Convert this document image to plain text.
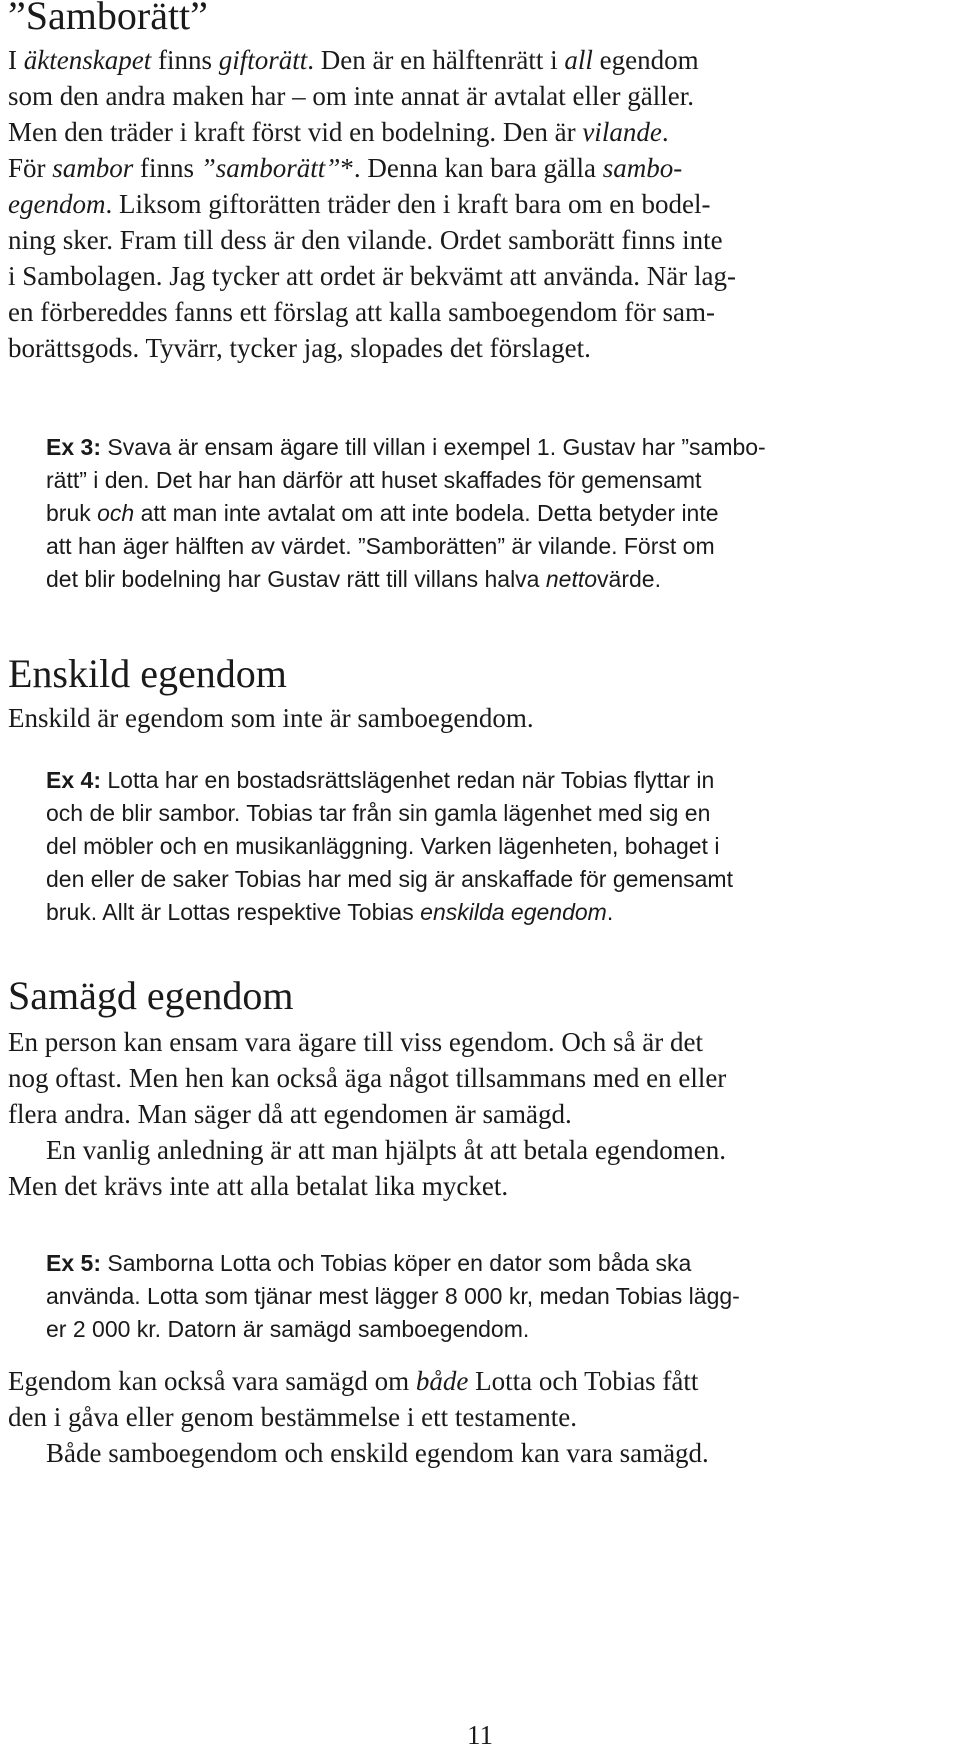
”Samborätt”
I äktenskapet finns giftorätt. Den är en hälftenrätt i all egendom
som den andra maken har – om inte annat är avtalat eller gäller.
Men den träder i kraft först vid en bodelning. Den är vilande.
För sambor finns ”samborätt”*. Denna kan bara gälla sambo-
egendom. Liksom giftorätten träder den i kraft bara om en bodel-
ning sker. Fram till dess är den vilande. Ordet samborätt finns inte
i Sambolagen. Jag tycker att ordet är bekvämt att använda. När lag-
en förbereddes fanns ett förslag att kalla samboegendom för sam-
borättsgods. Tyvärr, tycker jag, slopades det förslaget.
Ex 3: Svava är ensam ägare till villan i exempel 1. Gustav har ”sambo-
rätt” i den. Det har han därför att huset skaffades för gemensamt
bruk och att man inte avtalat om att inte bodela. Detta betyder inte
att han äger hälften av värdet. ”Samborätten” är vilande. Först om
det blir bodelning har Gustav rätt till villans halva nettovärde.
Enskild egendom
Enskild är egendom som inte är samboegendom.
Ex 4: Lotta har en bostadsrättslägenhet redan när Tobias flyttar in
och de blir sambor. Tobias tar från sin gamla lägenhet med sig en
del möbler och en musikanläggning. Varken lägenheten, bohaget i
den eller de saker Tobias har med sig är anskaffade för gemensamt
bruk. Allt är Lottas respektive Tobias enskilda egendom.
Samägd egendom
En person kan ensam vara ägare till viss egendom. Och så är det
nog oftast. Men hen kan också äga något tillsammans med en eller
flera andra. Man säger då att egendomen är samägd.
En vanlig anledning är att man hjälpts åt att betala egendomen.
Men det krävs inte att alla betalat lika mycket.
Ex 5: Samborna Lotta och Tobias köper en dator som båda ska
använda. Lotta som tjänar mest lägger 8 000 kr, medan Tobias lägg-
er 2 000 kr. Datorn är samägd samboegendom.
Egendom kan också vara samägd om både Lotta och Tobias fått
den i gåva eller genom bestämmelse i ett testamente.
Både samboegendom och enskild egendom kan vara samägd.
11
